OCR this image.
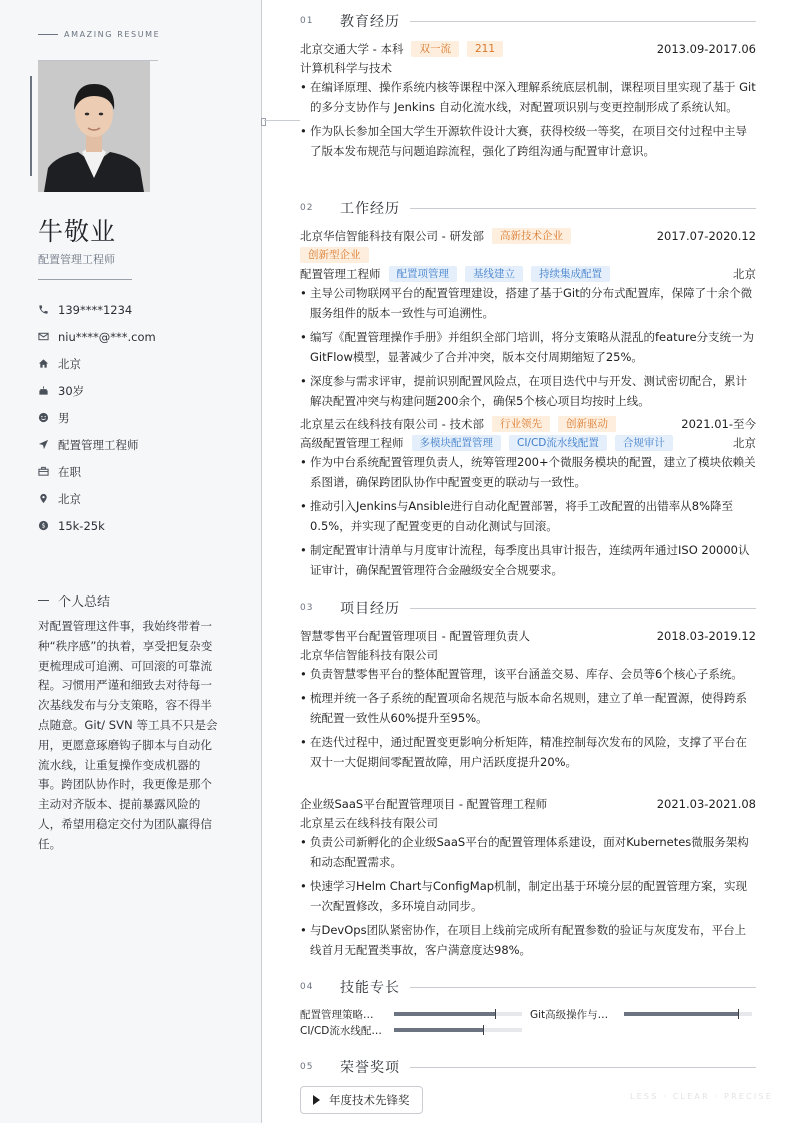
AMAZING RESUME
牛敬业
配置管理工程师
139****1234
niu****@***.com
北京
30岁
男
配置管理工程师
在职
北京
$ 15k-25k
个人总结

对配置管理这件事，我始终带着一种“秩序感”的执着，享受把复杂变更梳理成可追溯、可回滚的可靠流程。习惯用严谨和细致去对待每一次基线发布与分支策略，容不得半点随意。Git/ SVN 等工具不只是会用，更愿意琢磨钩子脚本与自动化流水线，让重复操作变成机器的事。跨团队协作时，我更像是那个主动对齐版本、提前暴露风险的人，希望用稳定交付为团队赢得信任。

01	教育经历
北京交通大学 - 本科	双一流	211	2013.09-2017.06
计算机科学与技术
• 在编译原理、操作系统内核等课程中深入理解系统底层机制，课程项目里实现了基于 Git 的多分支协作与 Jenkins 自动化流水线，对配置项识别与变更控制形成了系统认知。
• 作为队长参加全国大学生开源软件设计大赛，获得校级一等奖，在项目交付过程中主导了版本发布规范与问题追踪流程，强化了跨组沟通与配置审计意识。
02	工作经历
北京华信智能科技有限公司 - 研发部	高新技术企业	2017.07-2020.12
创新型企业
配置管理工程师	配置项管理	基线建立	持续集成配置	北京
• 主导公司物联网平台的配置管理建设，搭建了基于Git的分布式配置库，保障了十余个微服务组件的版本一致性与可追溯性。
• 编写《配置管理操作手册》并组织全部门培训，将分支策略从混乱的feature分支统一为GitFlow模型，显著减少了合并冲突，版本交付周期缩短了25%。
• 深度参与需求评审，提前识别配置风险点，在项目迭代中与开发、测试密切配合，累计解决配置冲突与构建问题200余个，确保5个核心项目均按时上线。
北京星云在线科技有限公司 - 技术部	行业领先	创新驱动	2021.01-至今
高级配置管理工程师	多模块配置管理	CI/CD流水线配置	合规审计	北京
• 作为中台系统配置管理负责人，统筹管理200+个微服务模块的配置，建立了模块依赖关系图谱，确保跨团队协作中配置变更的联动与一致性。
• 推动引入Jenkins与Ansible进行自动化配置部署，将手工改配置的出错率从8%降至0.5%，并实现了配置变更的自动化测试与回滚。
• 制定配置审计清单与月度审计流程，每季度出具审计报告，连续两年通过ISO 20000认证审计，确保配置管理符合金融级安全合规要求。
03	项目经历
智慧零售平台配置管理项目 - 配置管理负责人	2018.03-2019.12
北京华信智能科技有限公司
• 负责智慧零售平台的整体配置管理，该平台涵盖交易、库存、会员等6个核心子系统。
• 梳理并统一各子系统的配置项命名规范与版本命名规则，建立了单一配置源，使得跨系统配置一致性从60%提升至95%。
• 在迭代过程中，通过配置变更影响分析矩阵，精准控制每次发布的风险，支撑了平台在双十一大促期间零配置故障，用户活跃度提升20%。
企业级SaaS平台配置管理项目 - 配置管理工程师	2021.03-2021.08
北京星云在线科技有限公司
• 负责公司新孵化的企业级SaaS平台的配置管理体系建设，面对Kubernetes微服务架构和动态配置需求。
• 快速学习Helm Chart与ConfigMap机制，制定出基于环境分层的配置管理方案，实现一次配置修改，多环境自动同步。
• 与DevOps团队紧密协作，在项目上线前完成所有配置参数的验证与灰度发布，平台上线首月无配置类事故，客户满意度达98%。
04	技能专长
配置管理策略…	Git高级操作与…
CI/CD流水线配…
05	荣誉奖项
年度技术先锋奖	LESS · CLEAR · PRECISE
